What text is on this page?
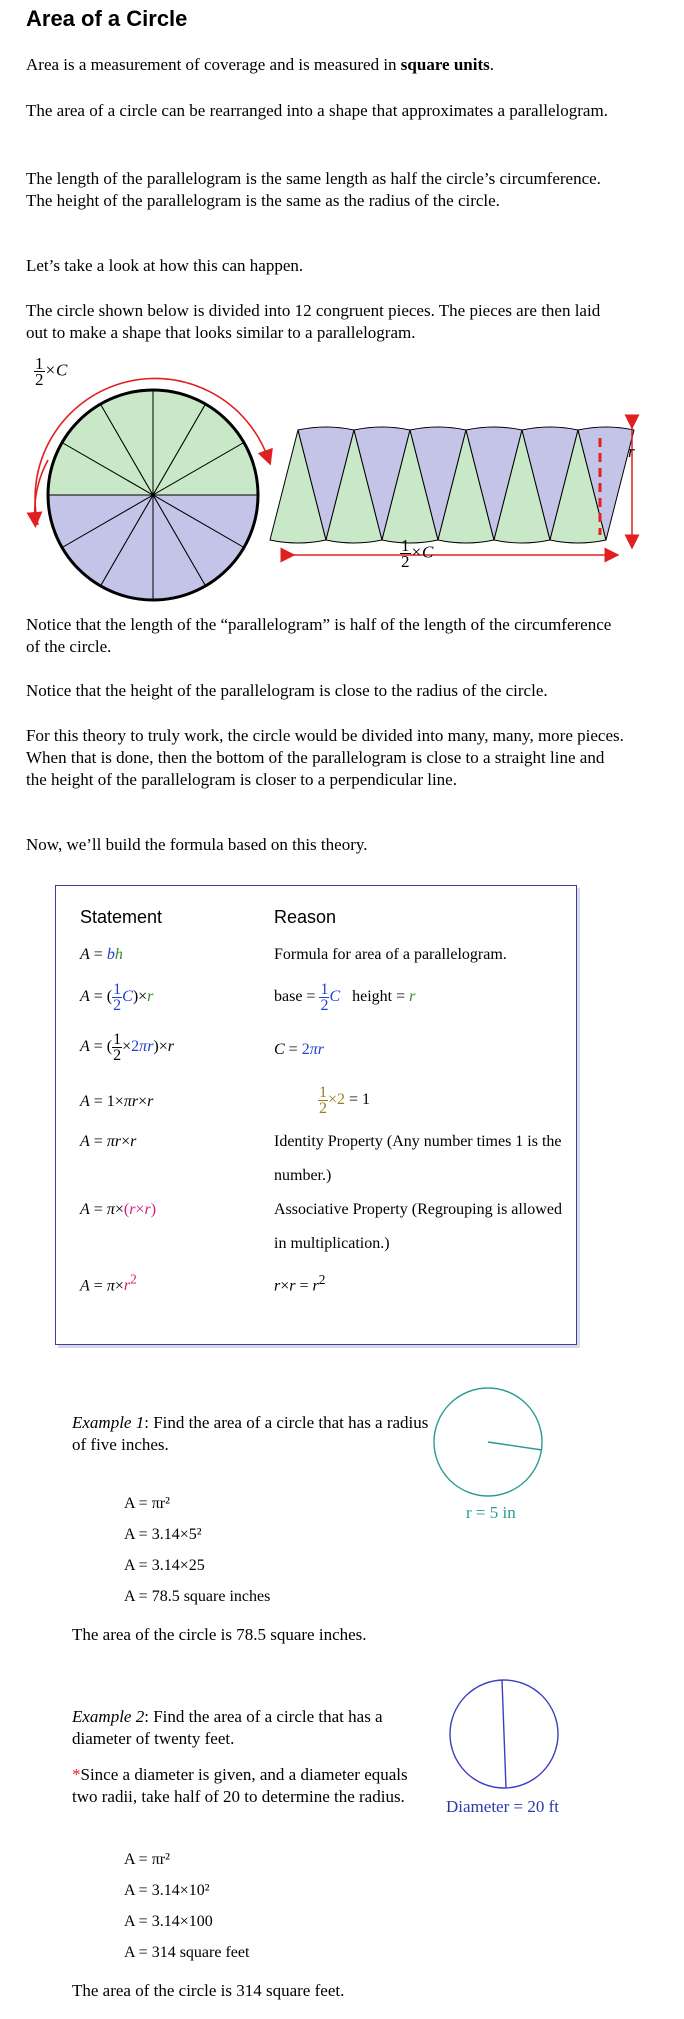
Area of a Circle
Area is a measurement of coverage and is measured in square units.
The area of a circle can be rearranged into a shape that approximates a parallelogram.
The length of the parallelogram is the same length as half the circle’s circumference. The height of the parallelogram is the same as the radius of the circle.
Let’s take a look at how this can happen.
The circle shown below is divided into 12 congruent pieces. The pieces are then laid out to make a shape that looks similar to a parallelogram.
$\frac{1}{2} \times C$
r
$\frac{1}{2} \times C$
Notice that the length of the “parallelogram” is half of the length of the circumference of the circle.
Notice that the height of the parallelogram is close to the radius of the circle.
For this theory to truly work, the circle would be divided into many, many, more pieces. When that is done, then the bottom of the parallelogram is close to a straight line and the height of the parallelogram is closer to a perpendicular line.
Now, we’ll build the formula based on this theory.
Statement	Reason
A = bh	Formula for area of a parallelogram.
A = ( $\frac{1}{2} C)\times r$	base = $\frac{1}{2}$ C height = r
A = ( $\frac{1}{2} \times 2\pi r)\times r$	C = 2πr
A = 1×πr×r	$\frac{1}{2} \times 2 = 1$
A = πr×r	Identity Property (Any number times 1 is the number.)
A = π×(r×r)	Associative Property (Regrouping is allowed in multiplication.)
$A = \pi\times r^2$	$r\times r = r^2$
Example 1: Find the area of a circle that has a radius of five inches.
r = 5 in
A = πr²
A = 3.14×5²
A = 3.14×25
A = 78.5 square inches
The area of the circle is 78.5 square inches.
Example 2: Find the area of a circle that has a diameter of twenty feet.
*Since a diameter is given, and a diameter equals two radii, take half of 20 to determine the radius.
Diameter = 20 ft
A = πr²
A = 3.14×10²
A = 3.14×100
A = 314 square feet
The area of the circle is 314 square feet.
